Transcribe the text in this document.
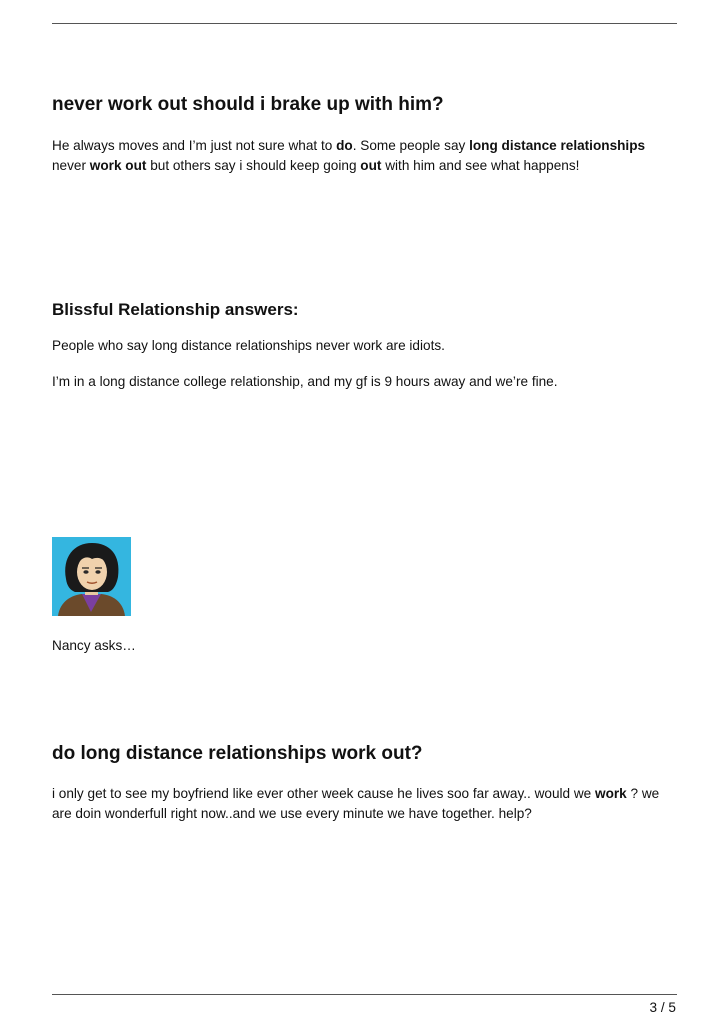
never work out should i brake up with him?

He always moves and I’m just not sure what to do. Some people say long distance relationships never work out but others say i should keep going out with him and see what happens!

Blissful Relationship answers:

People who say long distance relationships never work are idiots.

I’m in a long distance college relationship, and my gf is 9 hours away and we’re fine.

Nancy asks…

do long distance relationships work out?

i only get to see my boyfriend like ever other week cause he lives soo far away.. would we work ? we are doin wonderfull right now..and we use every minute we have together. help?

3 / 5
